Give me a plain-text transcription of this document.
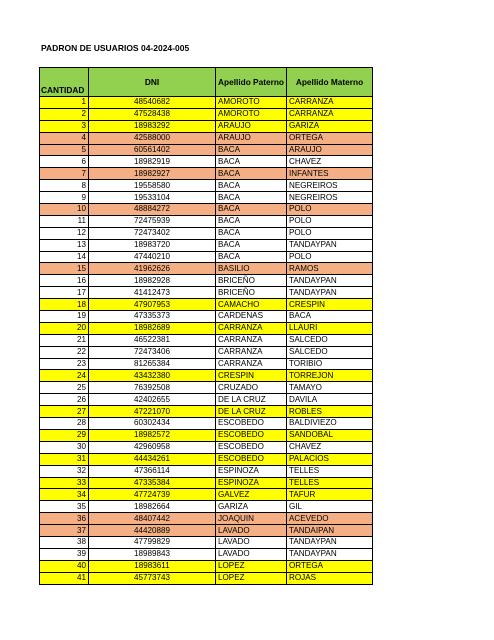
PADRON DE USUARIOS 04-2024-005
CANTIDAD	DNI	Apellido Paterno	Apellido Materno
1	48540682	AMOROTO	CARRANZA
2	47528438	AMOROTO	CARRANZA
3	18983292	ARAUJO	GARIZA
4	42588000	ARAUJO	ORTEGA
5	60561402	BACA	ARAUJO
6	18982919	BACA	CHAVEZ
7	18982927	BACA	INFANTES
8	19558580	BACA	NEGREIROS
9	19533104	BACA	NEGREIROS
10	48884272	BACA	POLO
11	72475939	BACA	POLO
12	72473402	BACA	POLO
13	18983720	BACA	TANDAYPAN
14	47440210	BACA	POLO
15	41962626	BASILIO	RAMOS
16	18982928	BRICEÑO	TANDAYPAN
17	41412473	BRICEÑO	TANDAYPAN
18	47907953	CAMACHO	CRESPIN
19	47335373	CARDENAS	BACA
20	18982689	CARRANZA	LLAURI
21	46522381	CARRANZA	SALCEDO
22	72473406	CARRANZA	SALCEDO
23	81265384	CARRANZA	TORIBIO
24	43432380	CRESPIN	TORREJON
25	76392508	CRUZADO	TAMAYO
26	42402655	DE LA CRUZ	DAVILA
27	47221070	DE LA CRUZ	ROBLES
28	60302434	ESCOBEDO	BALDIVIEZO
29	18982572	ESCOBEDO	SANDOBAL
30	42960958	ESCOBEDO	CHAVEZ
31	44434261	ESCOBEDO	PALACIOS
32	47366114	ESPINOZA	TELLES
33	47335384	ESPINOZA	TELLES
34	47724739	GALVEZ	TAFUR
35	18982664	GARIZA	GIL
36	48407442	JOAQUIN	ACEVEDO
37	44420889	LAVADO	TANDAIPAN
38	47799829	LAVADO	TANDAYPAN
39	18989843	LAVADO	TANDAYPAN
40	18983611	LOPEZ	ORTEGA
41	45773743	LOPEZ	ROJAS
